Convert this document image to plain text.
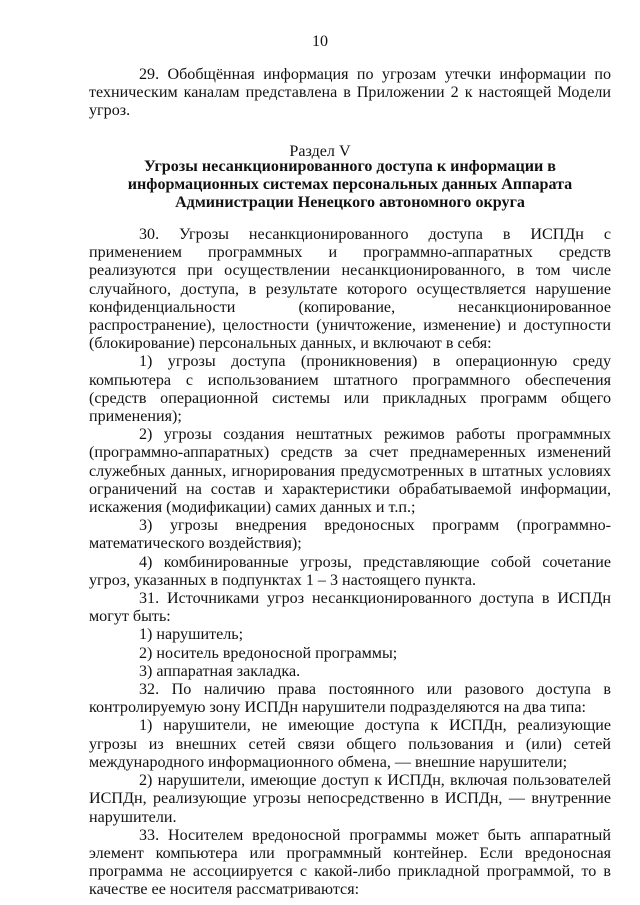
10

29. Обобщённая информация по угрозам утечки информации по техническим каналам представлена в Приложении 2 к настоящей Модели угроз.

Раздел V
Угрозы несанкционированного доступа к информации в
информационных системах персональных данных Аппарата
Администрации Ненецкого автономного округа

30. Угрозы несанкционированного доступа в ИСПДн с применением программных и программно-аппаратных средств реализуются при осуществлении несанкционированного, в том числе случайного, доступа, в результате которого осуществляется нарушение конфиденциальности (копирование, несанкционированное распространение), целостности (уничтожение, изменение) и доступности (блокирование) персональных данных, и включают в себя:

1) угрозы доступа (проникновения) в операционную среду компьютера с использованием штатного программного обеспечения (средств операционной системы или прикладных программ общего применения);

2) угрозы создания нештатных режимов работы программных (программно-аппаратных) средств за счет преднамеренных изменений служебных данных, игнорирования предусмотренных в штатных условиях ограничений на состав и характеристики обрабатываемой информации, искажения (модификации) самих данных и т.п.;

3) угрозы внедрения вредоносных программ (программно-математического воздействия);

4) комбинированные угрозы, представляющие собой сочетание угроз, указанных в подпунктах 1 – 3 настоящего пункта.

31. Источниками угроз несанкционированного доступа в ИСПДн могут быть:

1) нарушитель;

2) носитель вредоносной программы;

3) аппаратная закладка.

32. По наличию права постоянного или разового доступа в контролируемую зону ИСПДн нарушители подразделяются на два типа:

1) нарушители, не имеющие доступа к ИСПДн, реализующие угрозы из внешних сетей связи общего пользования и (или) сетей международного информационного обмена, — внешние нарушители;

2) нарушители, имеющие доступ к ИСПДн, включая пользователей ИСПДн, реализующие угрозы непосредственно в ИСПДн, — внутренние нарушители.

33. Носителем вредоносной программы может быть аппаратный элемент компьютера или программный контейнер. Если вредоносная программа не ассоциируется с какой-либо прикладной программой, то в качестве ее носителя рассматриваются:
